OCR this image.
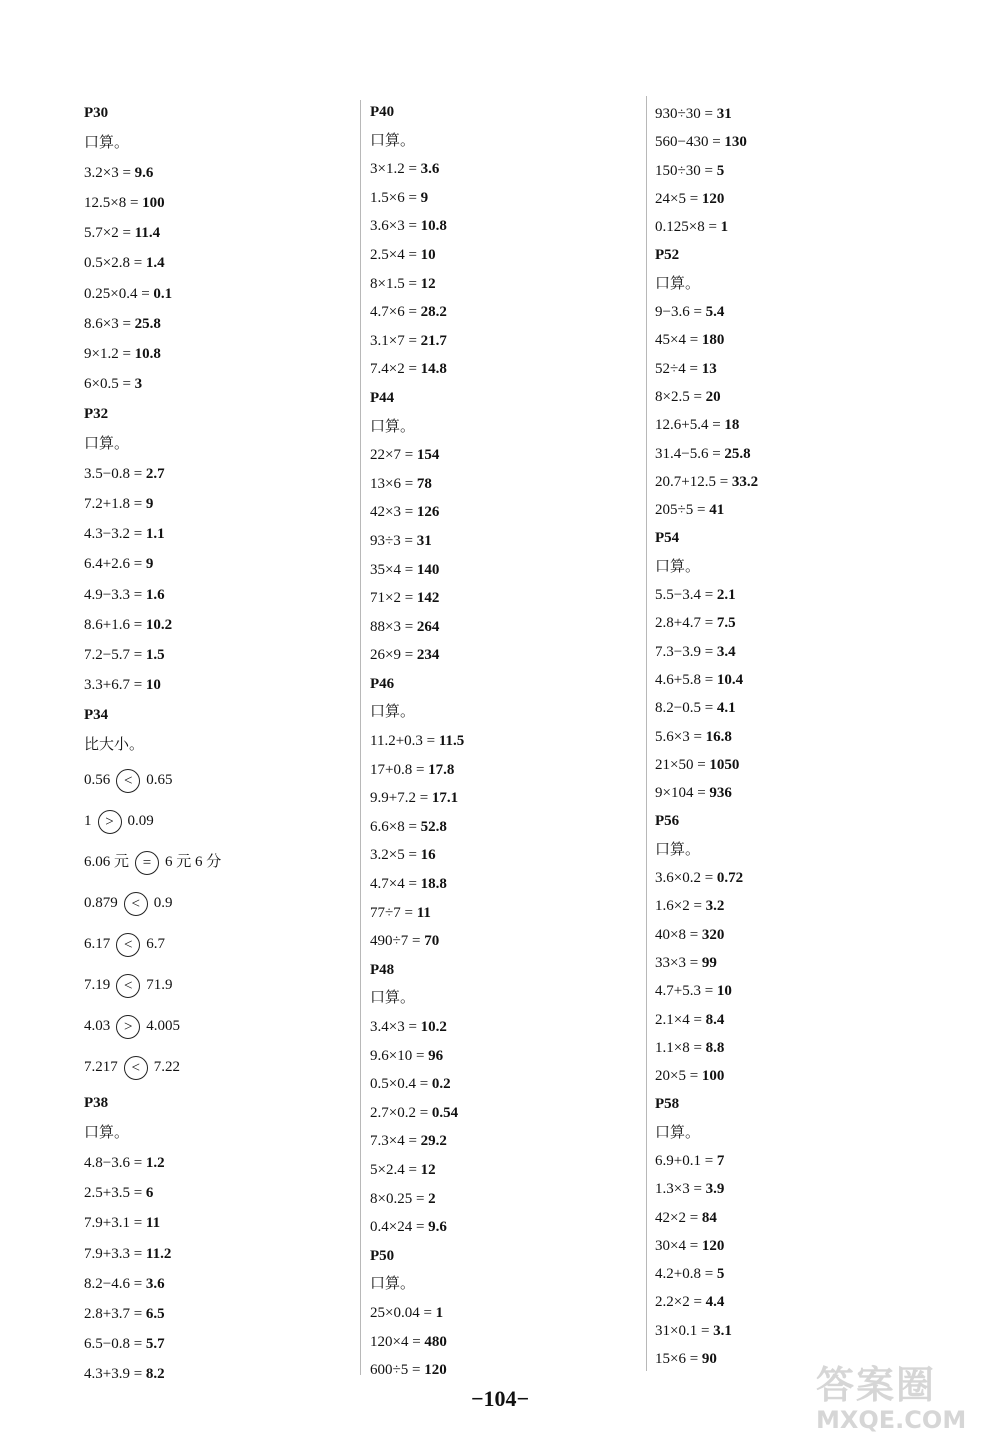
P30
口算。
3.2×3 = 9.6
12.5×8 = 100
5.7×2 = 11.4
0.5×2.8 = 1.4
0.25×0.4 = 0.1
8.6×3 = 25.8
9×1.2 = 10.8
6×0.5 = 3
P32
口算。
3.5−0.8 = 2.7
7.2+1.8 = 9
4.3−3.2 = 1.1
6.4+2.6 = 9
4.9−3.3 = 1.6
8.6+1.6 = 10.2
7.2−5.7 = 1.5
3.3+6.7 = 10
P34
比大小。
0.56 < 0.65
1 > 0.09
6.06 元 = 6 元 6 分
0.879 < 0.9
6.17 < 6.7
7.19 < 71.9
4.03 > 4.005
7.217 < 7.22
P38
口算。
4.8−3.6 = 1.2
2.5+3.5 = 6
7.9+3.1 = 11
7.9+3.3 = 11.2
8.2−4.6 = 3.6
2.8+3.7 = 6.5
6.5−0.8 = 5.7
4.3+3.9 = 8.2
P40
口算。
3×1.2 = 3.6
1.5×6 = 9
3.6×3 = 10.8
2.5×4 = 10
8×1.5 = 12
4.7×6 = 28.2
3.1×7 = 21.7
7.4×2 = 14.8
P44
口算。
22×7 = 154
13×6 = 78
42×3 = 126
93÷3 = 31
35×4 = 140
71×2 = 142
88×3 = 264
26×9 = 234
P46
口算。
11.2+0.3 = 11.5
17+0.8 = 17.8
9.9+7.2 = 17.1
6.6×8 = 52.8
3.2×5 = 16
4.7×4 = 18.8
77÷7 = 11
490÷7 = 70
P48
口算。
3.4×3 = 10.2
9.6×10 = 96
0.5×0.4 = 0.2
2.7×0.2 = 0.54
7.3×4 = 29.2
5×2.4 = 12
8×0.25 = 2
0.4×24 = 9.6
P50
口算。
25×0.04 = 1
120×4 = 480
600÷5 = 120
930÷30 = 31
560−430 = 130
150÷30 = 5
24×5 = 120
0.125×8 = 1
P52
口算。
9−3.6 = 5.4
45×4 = 180
52÷4 = 13
8×2.5 = 20
12.6+5.4 = 18
31.4−5.6 = 25.8
20.7+12.5 = 33.2
205÷5 = 41
P54
口算。
5.5−3.4 = 2.1
2.8+4.7 = 7.5
7.3−3.9 = 3.4
4.6+5.8 = 10.4
8.2−0.5 = 4.1
5.6×3 = 16.8
21×50 = 1050
9×104 = 936
P56
口算。
3.6×0.2 = 0.72
1.6×2 = 3.2
40×8 = 320
33×3 = 99
4.7+5.3 = 10
2.1×4 = 8.4
1.1×8 = 8.8
20×5 = 100
P58
口算。
6.9+0.1 = 7
1.3×3 = 3.9
42×2 = 84
30×4 = 120
4.2+0.8 = 5
2.2×2 = 4.4
31×0.1 = 3.1
15×6 = 90
−104−	答案圈
MXQE.COM
